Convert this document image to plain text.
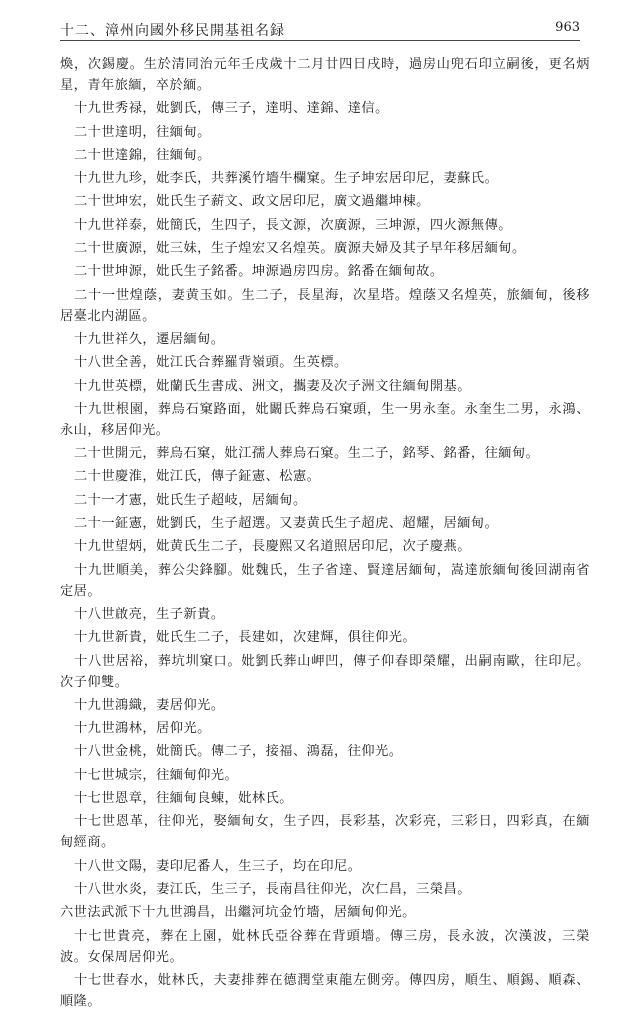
十二、漳州向國外移民開基祖名録	963

煥，次錫慶。生於清同治元年壬戌歲十二月廿四日戌時，過房山兜石印立嗣後，更名炳星，青年旅緬，卒於緬。

十九世秀禄，妣劉氏，傳三子，達明、達錦、達信。

二十世達明，往緬甸。

二十世達錦，往緬甸。

十九世九珍，妣李氏，共葬溪竹墻牛欄窠。生子坤宏居印尼，妻蘇氏。

二十世坤宏，妣氏生子薪文、政文居印尼，廣文過繼坤棟。

十九世祥泰，妣簡氏，生四子，長文源，次廣源，三坤源，四火源無傳。

二十世廣源，妣三妹，生子煌宏又名煌英。廣源夫婦及其子早年移居緬甸。

二十世坤源，妣氏生子銘番。坤源過房四房。銘番在緬甸故。

二十一世煌蔭，妻黄玉如。生二子，長星海，次星塔。煌蔭又名煌英，旅緬甸，後移居臺北内湖區。

十九世祥久，遷居緬甸。

十八世全善，妣江氏合葬羅背嶺頭。生英標。

十九世英標，妣蘭氏生書成、洲文，攜妻及次子洲文往緬甸開基。

十九世根園，葬烏石窠路面，妣闞氏葬烏石窠頭，生一男永奎。永奎生二男，永鴻、永山，移居仰光。

二十世開元，葬烏石窠，妣江孺人葬烏石窠。生二子，銘琴、銘番，往緬甸。

二十世慶淮，妣江氏，傳子鉦憲、松憲。

二十一才憲，妣氏生子超岐，居緬甸。

二十一鉦憲，妣劉氏，生子超選。又妻黄氏生子超虎、超耀，居緬甸。

十九世望炳，妣黄氏生二子，長慶熙又名道照居印尼，次子慶燕。

十九世順美，葬公尖鋒腳。妣魏氏，生子省達、賢達居緬甸，嵩達旅緬甸後回湖南省定居。

十八世啟亮，生子新貴。

十九世新貴，妣氏生二子，長建如，次建輝，俱往仰光。

十八世居裕，葬坑圳窠口。妣劉氏葬山岬凹，傳子仰春即榮耀，出嗣南歐，往印尼。次子仰雙。

十九世鴻織，妻居仰光。

十九世鴻林，居仰光。

十八世金桃，妣簡氏。傳二子，接福、鴻磊，往仰光。

十七世城宗，往緬甸仰光。

十七世恩章，往緬甸良蝀，妣林氏。

十七世恩革，往仰光，娶緬甸女，生子四，長彩基，次彩亮，三彩日，四彩真，在緬甸經商。

十八世文陽，妻印尼番人，生三子，均在印尼。

十八世水炎，妻江氏，生三子，長南昌往仰光，次仁昌，三榮昌。

六世法武派下十九世鴻昌，出繼河坑金竹墻，居緬甸仰光。

十七世貴亮，葬在上園，妣林氏亞谷葬在背頭墻。傳三房，長永波，次漢波，三榮波。女保周居仰光。

十七世春水，妣林氏，夫妻排葬在德潤堂東龍左側旁。傳四房，順生、順錫、順森、順隆。
